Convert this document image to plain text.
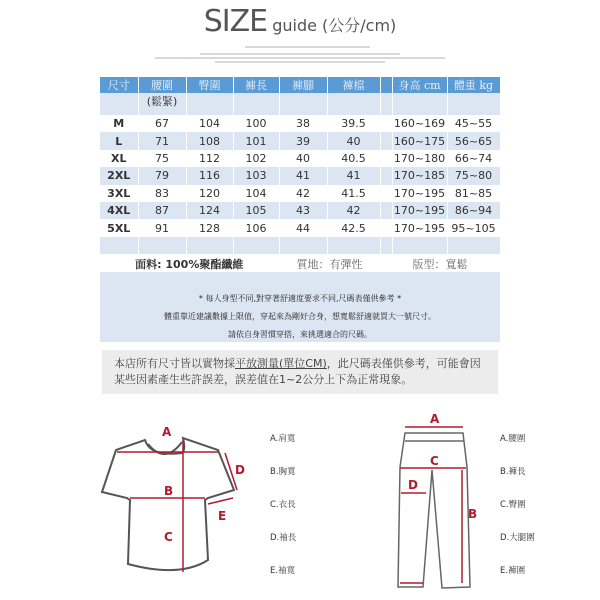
SIZE guide (公分/cm)
尺寸	腰圍	臀圍	褲長	褲腳	褲檔		身高 cm	體重 kg
	(鬆緊)							
M	67	104	100	38	39.5		160~169	45~55
L	71	108	101	39	40		160~175	56~65
XL	75	112	102	40	40.5		170~180	66~74
2XL	79	116	103	41	41		170~185	75~80
3XL	83	120	104	42	41.5		170~195	81~85
4XL	87	124	105	43	42		170~195	86~94
5XL	91	128	106	44	42.5		170~195	95~105

面料: 100%聚酯纖維				質地：有彈性		版型：寬鬆		
* 每人身型不同,對穿著舒適度要求不同,尺碼表僅供參考 *
體重靠近建議數據上限值，穿起來為剛好合身，想寬鬆舒適就買大一號尺寸。
請依自身習慣穿搭，來挑選適合的尺碼。
本店所有尺寸皆以實物採平放測量(單位CM)，此尺碼表僅供參考，可能會因某些因素產生些許誤差，誤差值在1~2公分上下為正常現象。
A
B
C
D
E
A.肩寬
B.胸寬
C.衣長
D.袖長
E.袖寬
A
B
C
D
A.腰圍
B.褲長
C.臀圍
D.大腿圍
E.褲圍
